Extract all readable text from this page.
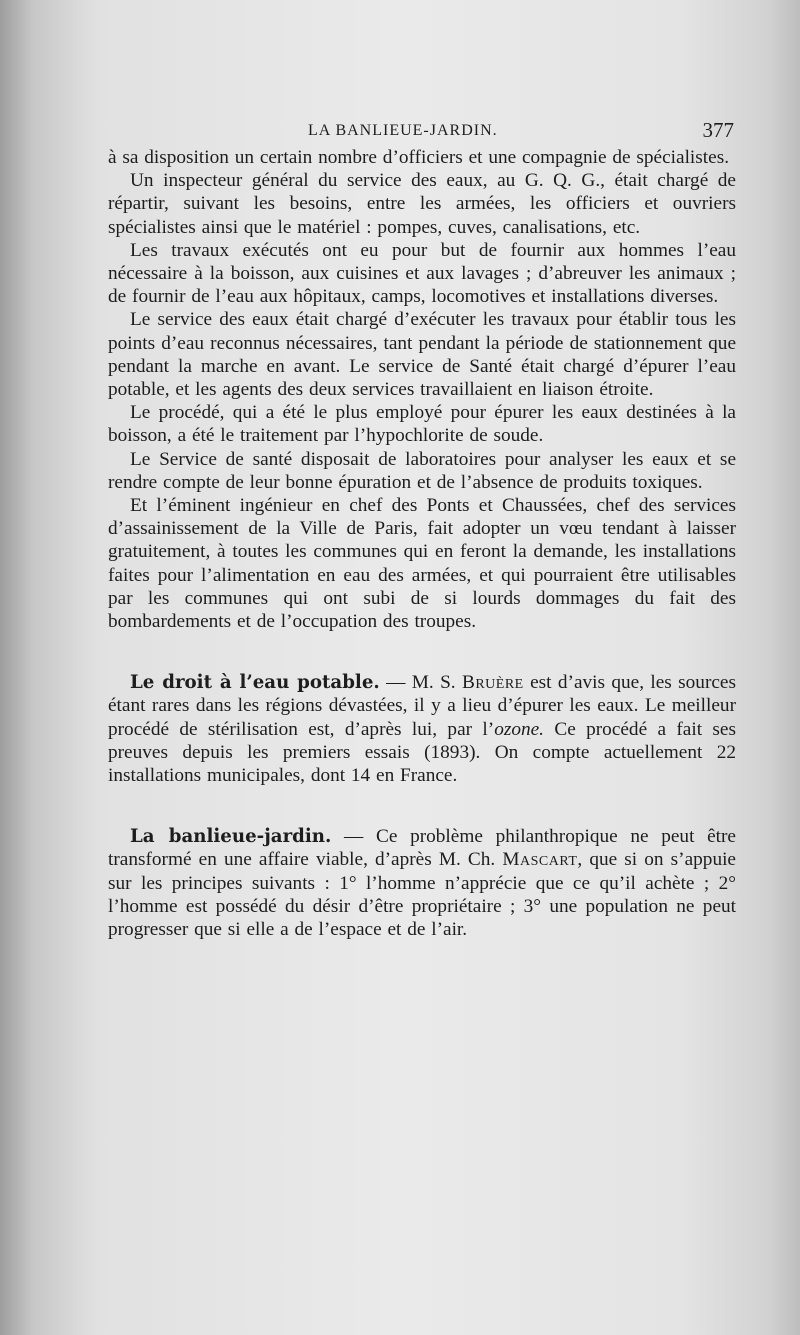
LA BANLIEUE-JARDIN.	377

à sa disposition un certain nombre d’officiers et une compagnie de spécialistes.

Un inspecteur général du service des eaux, au G. Q. G., était chargé de répartir, suivant les besoins, entre les armées, les officiers et ouvriers spécialistes ainsi que le matériel : pompes, cuves, canalisations, etc.

Les travaux exécutés ont eu pour but de fournir aux hommes l’eau nécessaire à la boisson, aux cuisines et aux lavages ; d’abreuver les animaux ; de fournir de l’eau aux hôpitaux, camps, locomotives et installations diverses.

Le service des eaux était chargé d’exécuter les travaux pour établir tous les points d’eau reconnus nécessaires, tant pendant la période de stationnement que pendant la marche en avant. Le service de Santé était chargé d’épurer l’eau potable, et les agents des deux services travaillaient en liaison étroite.

Le procédé, qui a été le plus employé pour épurer les eaux destinées à la boisson, a été le traitement par l’hypochlorite de soude.

Le Service de santé disposait de laboratoires pour analyser les eaux et se rendre compte de leur bonne épuration et de l’absence de produits toxiques.

Et l’éminent ingénieur en chef des Ponts et Chaussées, chef des services d’assainissement de la Ville de Paris, fait adopter un vœu tendant à laisser gratuitement, à toutes les communes qui en feront la demande, les installations faites pour l’alimentation en eau des armées, et qui pourraient être utilisables par les communes qui ont subi de si lourds dommages du fait des bombardements et de l’occupation des troupes.

Le droit à l’eau potable. — M. S. Bruère est d’avis que, les sources étant rares dans les régions dévastées, il y a lieu d’épurer les eaux. Le meilleur procédé de stérilisation est, d’après lui, par l’ozone. Ce procédé a fait ses preuves depuis les premiers essais (1893). On compte actuellement 22 installations municipales, dont 14 en France.

La banlieue-jardin. — Ce problème philanthropique ne peut être transformé en une affaire viable, d’après M. Ch. Mascart, que si on s’appuie sur les principes suivants : 1° l’homme n’apprécie que ce qu’il achète ; 2° l’homme est possédé du désir d’être propriétaire ; 3° une population ne peut progresser que si elle a de l’espace et de l’air.
